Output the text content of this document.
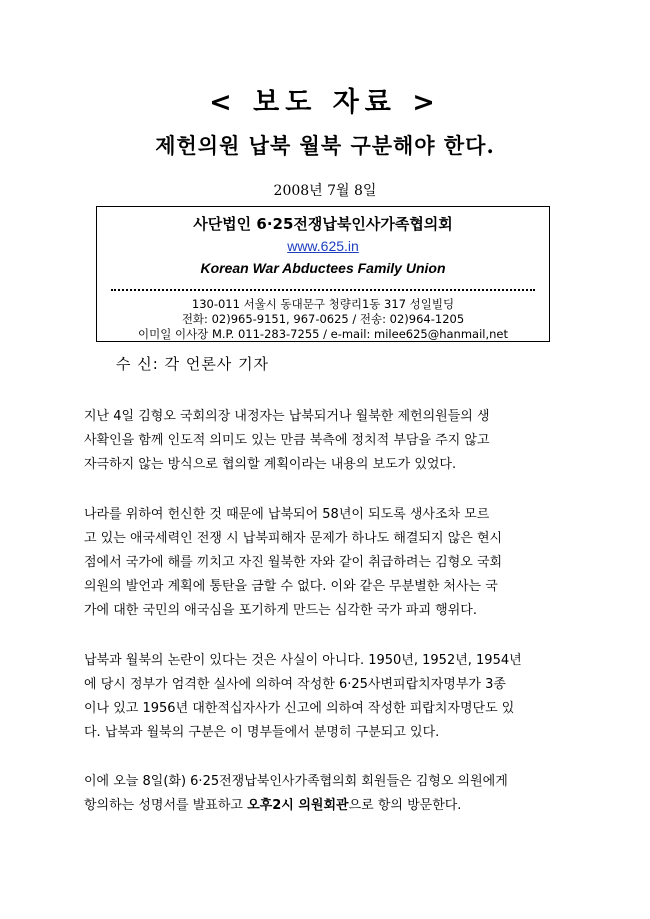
< 보도 자료 >
제헌의원 납북 월북 구분해야 한다.
2008년 7월 8일
사단법인 6·25전쟁납북인사가족협의회
www.625.in
Korean War Abductees Family Union
130-011 서울시 동대문구 청량리1동 317 성일빌딩
전화: 02)965-9151, 967-0625 / 전송: 02)964-1205
이미일 이사장 M.P. 011-283-7255 / e-mail: milee625@hanmail,net
수 신: 각 언론사 기자
지난 4일 김형오 국회의장 내정자는 납북되거나 월북한 제헌의원들의 생
사확인을 함께 인도적 의미도 있는 만큼 북측에 정치적 부담을 주지 않고
자극하지 않는 방식으로 협의할 계획이라는 내용의 보도가 있었다.
나라를 위하여 헌신한 것 때문에 납북되어 58년이 되도록 생사조차 모르
고 있는 애국세력인 전쟁 시 납북피해자 문제가 하나도 해결되지 않은 현시
점에서 국가에 해를 끼치고 자진 월북한 자와 같이 취급하려는 김형오 국회
의원의 발언과 계획에 통탄을 금할 수 없다. 이와 같은 무분별한 처사는 국
가에 대한 국민의 애국심을 포기하게 만드는 심각한 국가 파괴 행위다.
납북과 월북의 논란이 있다는 것은 사실이 아니다. 1950년, 1952년, 1954년
에 당시 정부가 엄격한 실사에 의하여 작성한 6·25사변피랍치자명부가 3종
이나 있고 1956년 대한적십자사가 신고에 의하여 작성한 피랍치자명단도 있
다. 납북과 월북의 구분은 이 명부들에서 분명히 구분되고 있다.
이에 오늘 8일(화) 6·25전쟁납북인사가족협의회 회원들은 김형오 의원에게
항의하는 성명서를 발표하고 오후2시 의원회관으로 항의 방문한다.
